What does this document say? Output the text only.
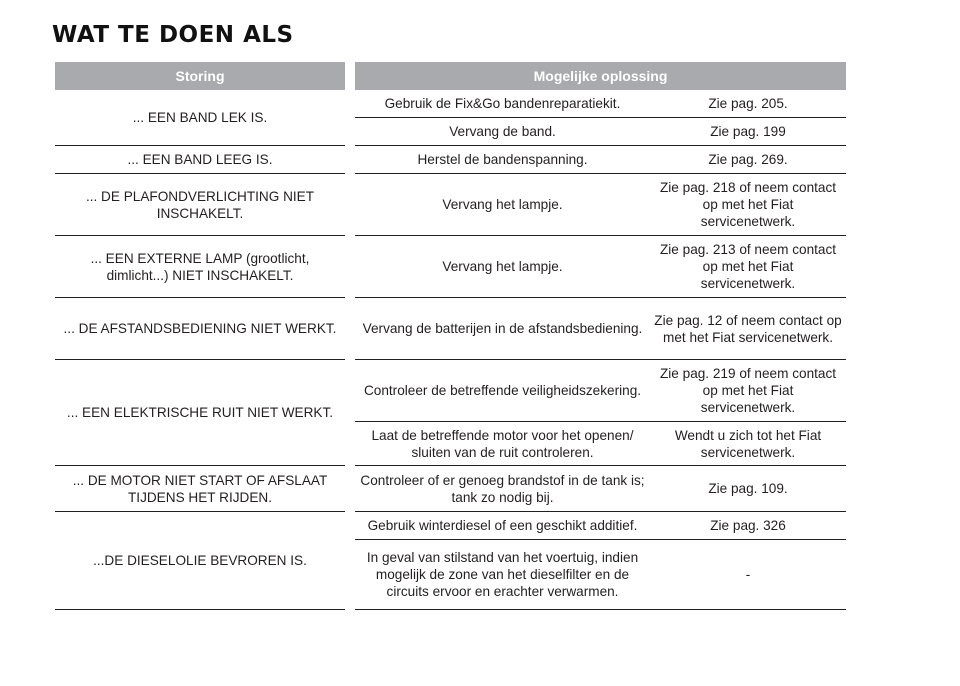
WAT TE DOEN ALS
Storing		Mogelijke oplossing	
... EEN BAND LEK IS.		Gebruik de Fix&Go bandenreparatiekit.	Zie pag. 205.
		Vervang de band.	Zie pag. 199
... EEN BAND LEEG IS.		Herstel de bandenspanning.	Zie pag. 269.
... DE PLAFONDVERLICHTING NIET INSCHAKELT.		Vervang het lampje.	Zie pag. 218 of neem contact op met het Fiat servicenetwerk.
... EEN EXTERNE LAMP (grootlicht, dimlicht...) NIET INSCHAKELT.		Vervang het lampje.	Zie pag. 213 of neem contact op met het Fiat servicenetwerk.
... DE AFSTANDSBEDIENING NIET WERKT.		Vervang de batterijen in de afstandsbediening.	Zie pag. 12 of neem contact op met het Fiat servicenetwerk.
... EEN ELEKTRISCHE RUIT NIET WERKT.		Controleer de betreffende veiligheidszekering.	Zie pag. 219 of neem contact op met het Fiat servicenetwerk.
		Laat de betreffende motor voor het openen/ sluiten van de ruit controleren.	Wendt u zich tot het Fiat servicenetwerk.
... DE MOTOR NIET START OF AFSLAAT TIJDENS HET RIJDEN.		Controleer of er genoeg brandstof in de tank is; tank zo nodig bij.	Zie pag. 109.
...DE DIESELOLIE BEVROREN IS.		Gebruik winterdiesel of een geschikt additief.	Zie pag. 326
		In geval van stilstand van het voertuig, indien mogelijk de zone van het dieselfilter en de circuits ervoor en erachter verwarmen.	-
